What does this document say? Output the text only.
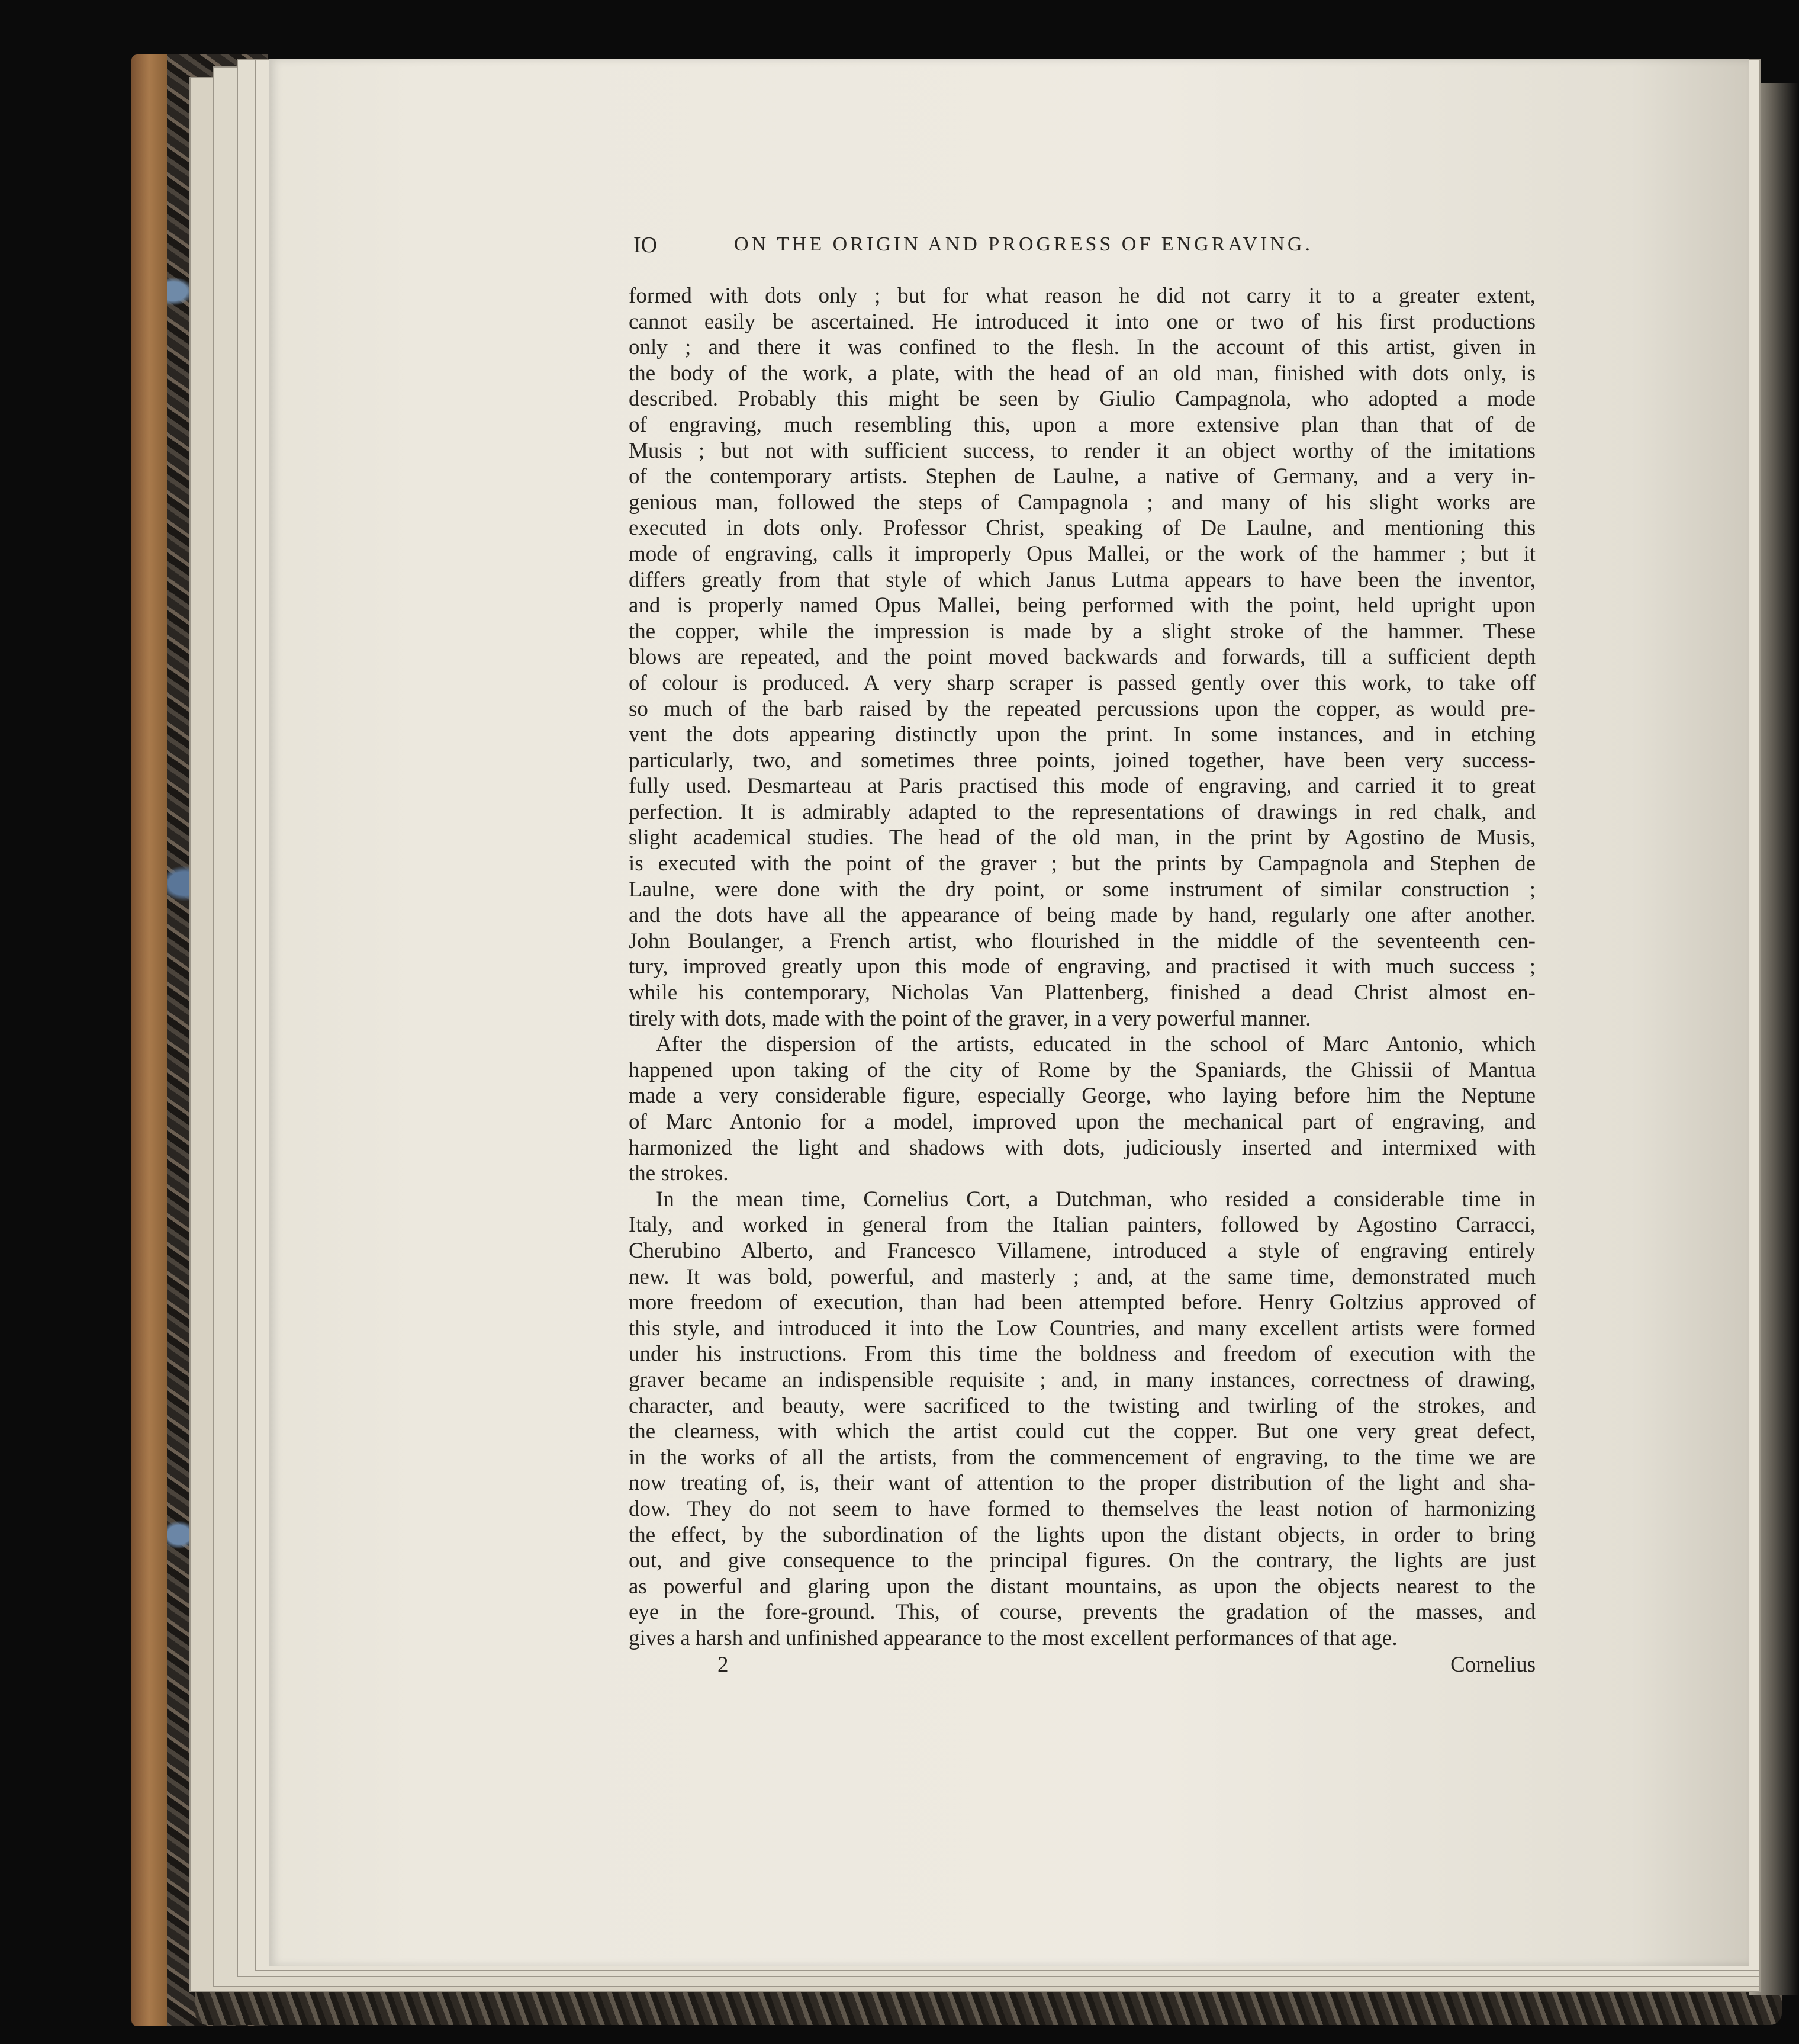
IO	ON THE ORIGIN AND PROGRESS OF ENGRAVING.
formed with dots only ; but for what reason he did not carry it to a greater extent,
cannot easily be ascertained. He introduced it into one or two of his first productions
only ; and there it was confined to the flesh. In the account of this artist, given in
the body of the work, a plate, with the head of an old man, finished with dots only, is
described. Probably this might be seen by Giulio Campagnola, who adopted a mode
of engraving, much resembling this, upon a more extensive plan than that of de
Musis ; but not with sufficient success, to render it an object worthy of the imitations
of the contemporary artists. Stephen de Laulne, a native of Germany, and a very in-
genious man, followed the steps of Campagnola ; and many of his slight works are
executed in dots only. Professor Christ, speaking of De Laulne, and mentioning this
mode of engraving, calls it improperly Opus Mallei, or the work of the hammer ; but it
differs greatly from that style of which Janus Lutma appears to have been the inventor,
and is properly named Opus Mallei, being performed with the point, held upright upon
the copper, while the impression is made by a slight stroke of the hammer. These
blows are repeated, and the point moved backwards and forwards, till a sufficient depth
of colour is produced. A very sharp scraper is passed gently over this work, to take off
so much of the barb raised by the repeated percussions upon the copper, as would pre-
vent the dots appearing distinctly upon the print. In some instances, and in etching
particularly, two, and sometimes three points, joined together, have been very success-
fully used. Desmarteau at Paris practised this mode of engraving, and carried it to great
perfection. It is admirably adapted to the representations of drawings in red chalk, and
slight academical studies. The head of the old man, in the print by Agostino de Musis,
is executed with the point of the graver ; but the prints by Campagnola and Stephen de
Laulne, were done with the dry point, or some instrument of similar construction ;
and the dots have all the appearance of being made by hand, regularly one after another.
John Boulanger, a French artist, who flourished in the middle of the seventeenth cen-
tury, improved greatly upon this mode of engraving, and practised it with much success ;
while his contemporary, Nicholas Van Plattenberg, finished a dead Christ almost en-
tirely with dots, made with the point of the graver, in a very powerful manner.
After the dispersion of the artists, educated in the school of Marc Antonio, which
happened upon taking of the city of Rome by the Spaniards, the Ghissii of Mantua
made a very considerable figure, especially George, who laying before him the Neptune
of Marc Antonio for a model, improved upon the mechanical part of engraving, and
harmonized the light and shadows with dots, judiciously inserted and intermixed with
the strokes.
In the mean time, Cornelius Cort, a Dutchman, who resided a considerable time in
Italy, and worked in general from the Italian painters, followed by Agostino Carracci,
Cherubino Alberto, and Francesco Villamene, introduced a style of engraving entirely
new. It was bold, powerful, and masterly ; and, at the same time, demonstrated much
more freedom of execution, than had been attempted before. Henry Goltzius approved of
this style, and introduced it into the Low Countries, and many excellent artists were formed
under his instructions. From this time the boldness and freedom of execution with the
graver became an indispensible requisite ; and, in many instances, correctness of drawing,
character, and beauty, were sacrificed to the twisting and twirling of the strokes, and
the clearness, with which the artist could cut the copper. But one very great defect,
in the works of all the artists, from the commencement of engraving, to the time we are
now treating of, is, their want of attention to the proper distribution of the light and sha-
dow. They do not seem to have formed to themselves the least notion of harmonizing
the effect, by the subordination of the lights upon the distant objects, in order to bring
out, and give consequence to the principal figures. On the contrary, the lights are just
as powerful and glaring upon the distant mountains, as upon the objects nearest to the
eye in the fore-ground. This, of course, prevents the gradation of the masses, and
gives a harsh and unfinished appearance to the most excellent performances of that age.
2	Cornelius
